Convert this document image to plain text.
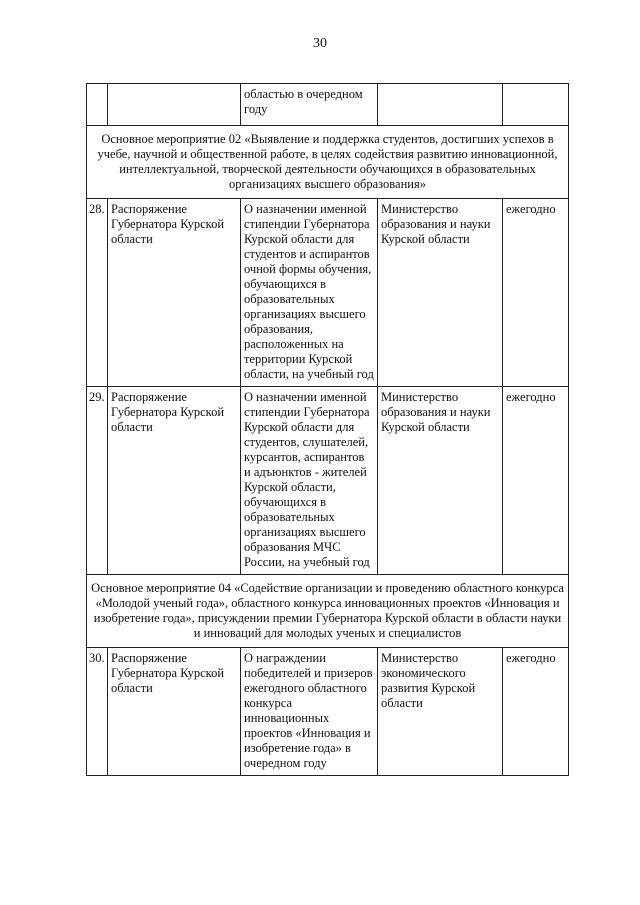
30
		областью в очередном году		
Основное мероприятие 02 «Выявление и поддержка студентов, достигших успехов в учебе, научной и общественной работе, в целях содействия развитию инновационной, интеллектуальной, творческой деятельности обучающихся в образовательных организациях высшего образования»				
28.	Распоряжение Губернатора Курской области	О назначении именной стипендии Губернатора Курской области для студентов и аспирантов очной формы обучения, обучающихся в образовательных организациях высшего образования, расположенных на территории Курской области, на учебный год	Министерство образования и науки Курской области	ежегодно
29.	Распоряжение Губернатора Курской области	О назначении именной стипендии Губернатора Курской области для студентов, слушателей, курсантов, аспирантов и адъюнктов - жителей Курской области, обучающихся в образовательных организациях высшего образования МЧС России, на учебный год	Министерство образования и науки Курской области	ежегодно
Основное мероприятие 04 «Содействие организации и проведению областного конкурса «Молодой ученый года», областного конкурса инновационных проектов «Инновация и изобретение года», присуждении премии Губернатора Курской области в области науки и инноваций для молодых ученых и специалистов				
30.	Распоряжение Губернатора Курской области	О награждении победителей и призеров ежегодного областного конкурса инновационных проектов «Инновация и изобретение года» в очередном году	Министерство экономического развития Курской области	ежегодно
